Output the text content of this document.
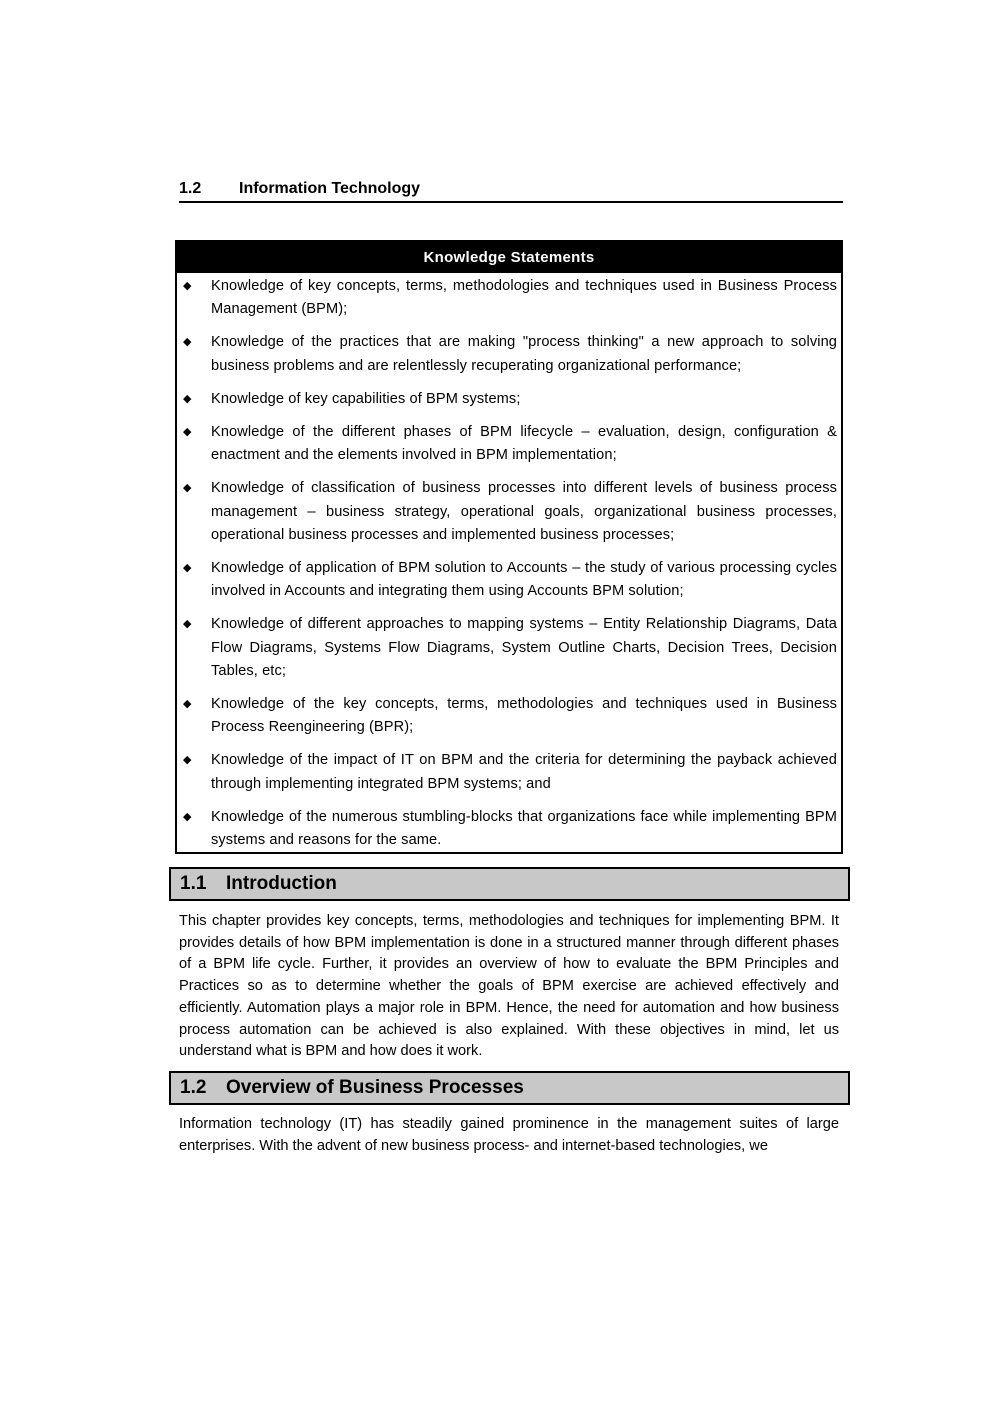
1.2 Information Technology
Knowledge Statements
◆	Knowledge of key concepts, terms, methodologies and techniques used in Business Process Management (BPM);
◆	Knowledge of the practices that are making "process thinking" a new approach to solving business problems and are relentlessly recuperating organizational performance;
◆	Knowledge of key capabilities of BPM systems;
◆	Knowledge of the different phases of BPM lifecycle – evaluation, design, configuration & enactment and the elements involved in BPM implementation;
◆	Knowledge of classification of business processes into different levels of business process management – business strategy, operational goals, organizational business processes, operational business processes and implemented business processes;
◆	Knowledge of application of BPM solution to Accounts – the study of various processing cycles involved in Accounts and integrating them using Accounts BPM solution;
◆	Knowledge of different approaches to mapping systems – Entity Relationship Diagrams, Data Flow Diagrams, Systems Flow Diagrams, System Outline Charts, Decision Trees, Decision Tables, etc;
◆	Knowledge of the key concepts, terms, methodologies and techniques used in Business Process Reengineering (BPR);
◆	Knowledge of the impact of IT on BPM and the criteria for determining the payback achieved through implementing integrated BPM systems; and
◆	Knowledge of the numerous stumbling-blocks that organizations face while implementing BPM systems and reasons for the same.
1.1 Introduction

This chapter provides key concepts, terms, methodologies and techniques for implementing BPM. It provides details of how BPM implementation is done in a structured manner through different phases of a BPM life cycle. Further, it provides an overview of how to evaluate the BPM Principles and Practices so as to determine whether the goals of BPM exercise are achieved effectively and efficiently. Automation plays a major role in BPM. Hence, the need for automation and how business process automation can be achieved is also explained. With these objectives in mind, let us understand what is BPM and how does it work.

1.2 Overview of Business Processes

Information technology (IT) has steadily gained prominence in the management suites of large enterprises. With the advent of new business process- and internet-based technologies, we
